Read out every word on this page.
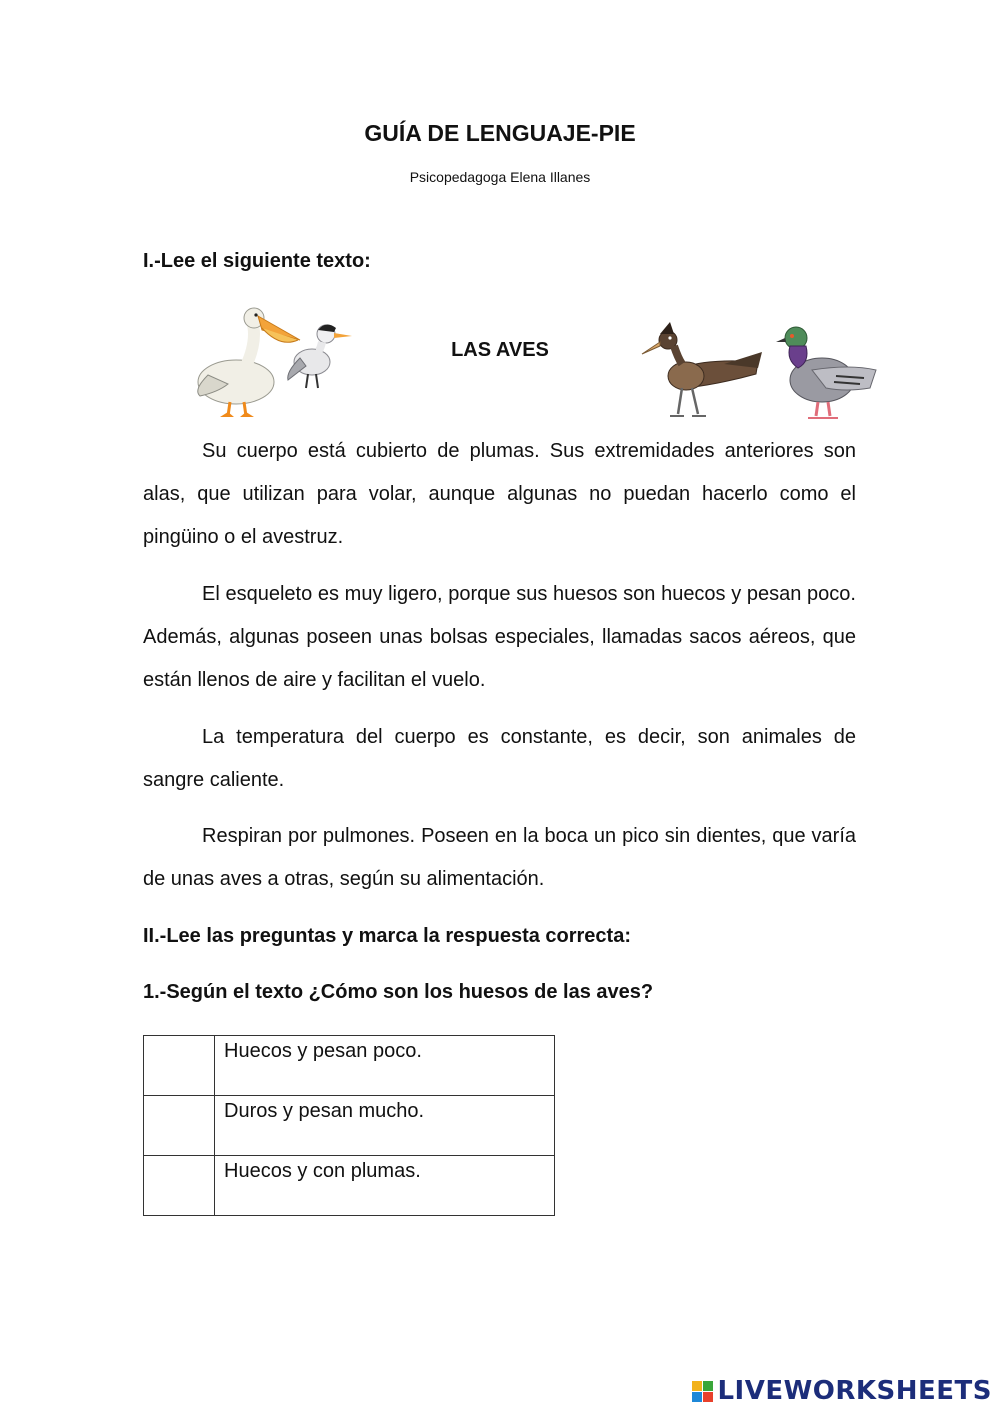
GUÍA DE LENGUAJE-PIE
Psicopedagoga Elena Illanes
I.-Lee el siguiente texto:
LAS AVES

Su cuerpo está cubierto de plumas. Sus extremidades anteriores son alas, que utilizan para volar, aunque algunas no puedan hacerlo como el pingüino o el avestruz.

El esqueleto es muy ligero, porque sus huesos son huecos y pesan poco. Además, algunas poseen unas bolsas especiales, llamadas sacos aéreos, que están llenos de aire y facilitan el vuelo.

La temperatura del cuerpo es constante, es decir, son animales de sangre caliente.

Respiran por pulmones. Poseen en la boca un pico sin dientes, que varía de unas aves a otras, según su alimentación.

II.-Lee las preguntas y marca la respuesta correcta:
1.-Según el texto ¿Cómo son los huesos de las aves?
	Huecos y pesan poco.
	Duros y pesan mucho.
	Huecos y con plumas.
LIVEWORKSHEETS
